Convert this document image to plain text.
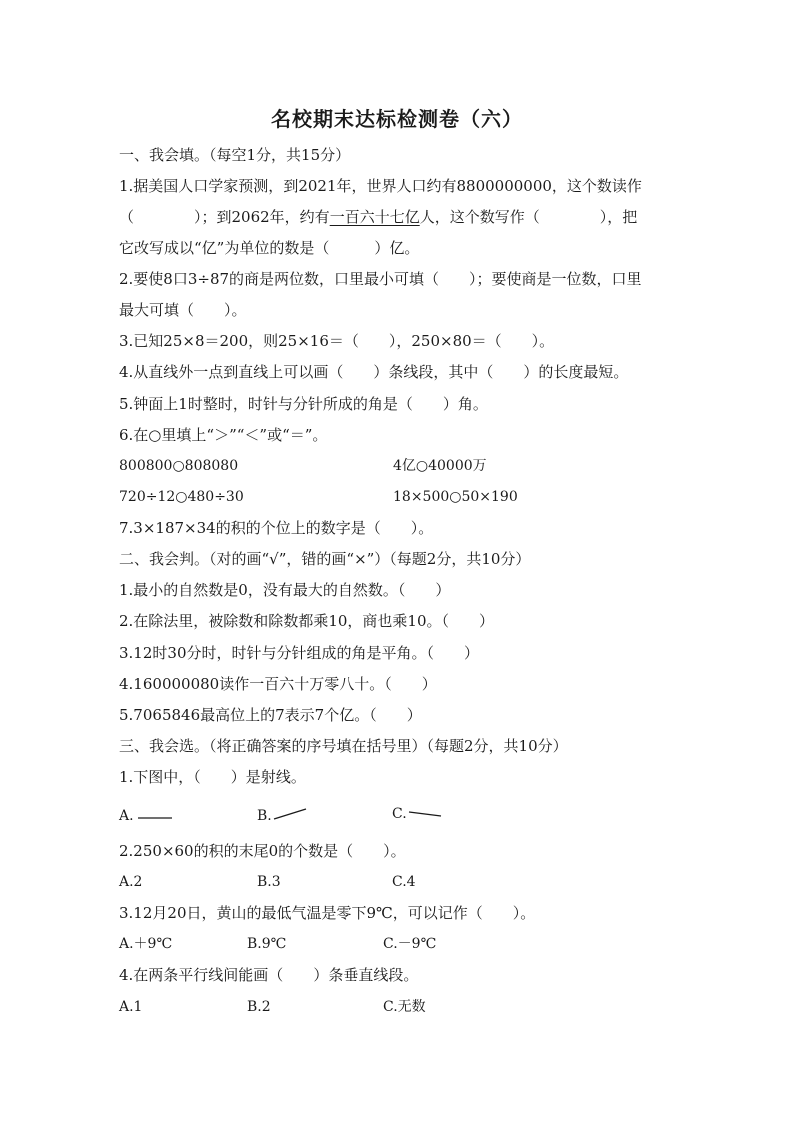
名校期末达标检测卷（六）
一、我会填。（每空1分，共15分）
1.据美国人口学家预测，到2021年，世界人口约有8800000000，这个数读作
（　　　　）；到2062年，约有一百六十七亿人，这个数写作（　　　　），把
它改写成以“亿”为单位的数是（　　　）亿。
2.要使8口3÷87的商是两位数，口里最小可填（　　）；要使商是一位数，口里
最大可填（　　）。
3.已知25×8＝200，则25×16＝（　　），250×80＝（　　）。
4.从直线外一点到直线上可以画（　　）条线段，其中（　　）的长度最短。
5.钟面上1时整时，时针与分针所成的角是（　　）角。
6.在○里填上“＞”“＜”或“＝”。
800800○808080	4亿○40000万
720÷12○480÷30	18×500○50×190
7.3×187×34的积的个位上的数字是（　　）。
二、我会判。（对的画“√”，错的画“×”）（每题2分，共10分）
1.最小的自然数是0，没有最大的自然数。（　　）
2.在除法里，被除数和除数都乘10，商也乘10。（　　）
3.12时30分时，时针与分针组成的角是平角。（　　）
4.160000080读作一百六十万零八十。（　　）
5.7065846最高位上的7表示7个亿。（　　）
三、我会选。（将正确答案的序号填在括号里）（每题2分，共10分）
1.下图中，（　　）是射线。
A.	B.	C.
2.250×60的积的末尾0的个数是（　　）。
A.2	B.3	C.4
3.12月20日，黄山的最低气温是零下9℃，可以记作（　　）。
A.＋9℃	B.9℃	C.－9℃
4.在两条平行线间能画（　　）条垂直线段。
A.1	B.2	C.无数
